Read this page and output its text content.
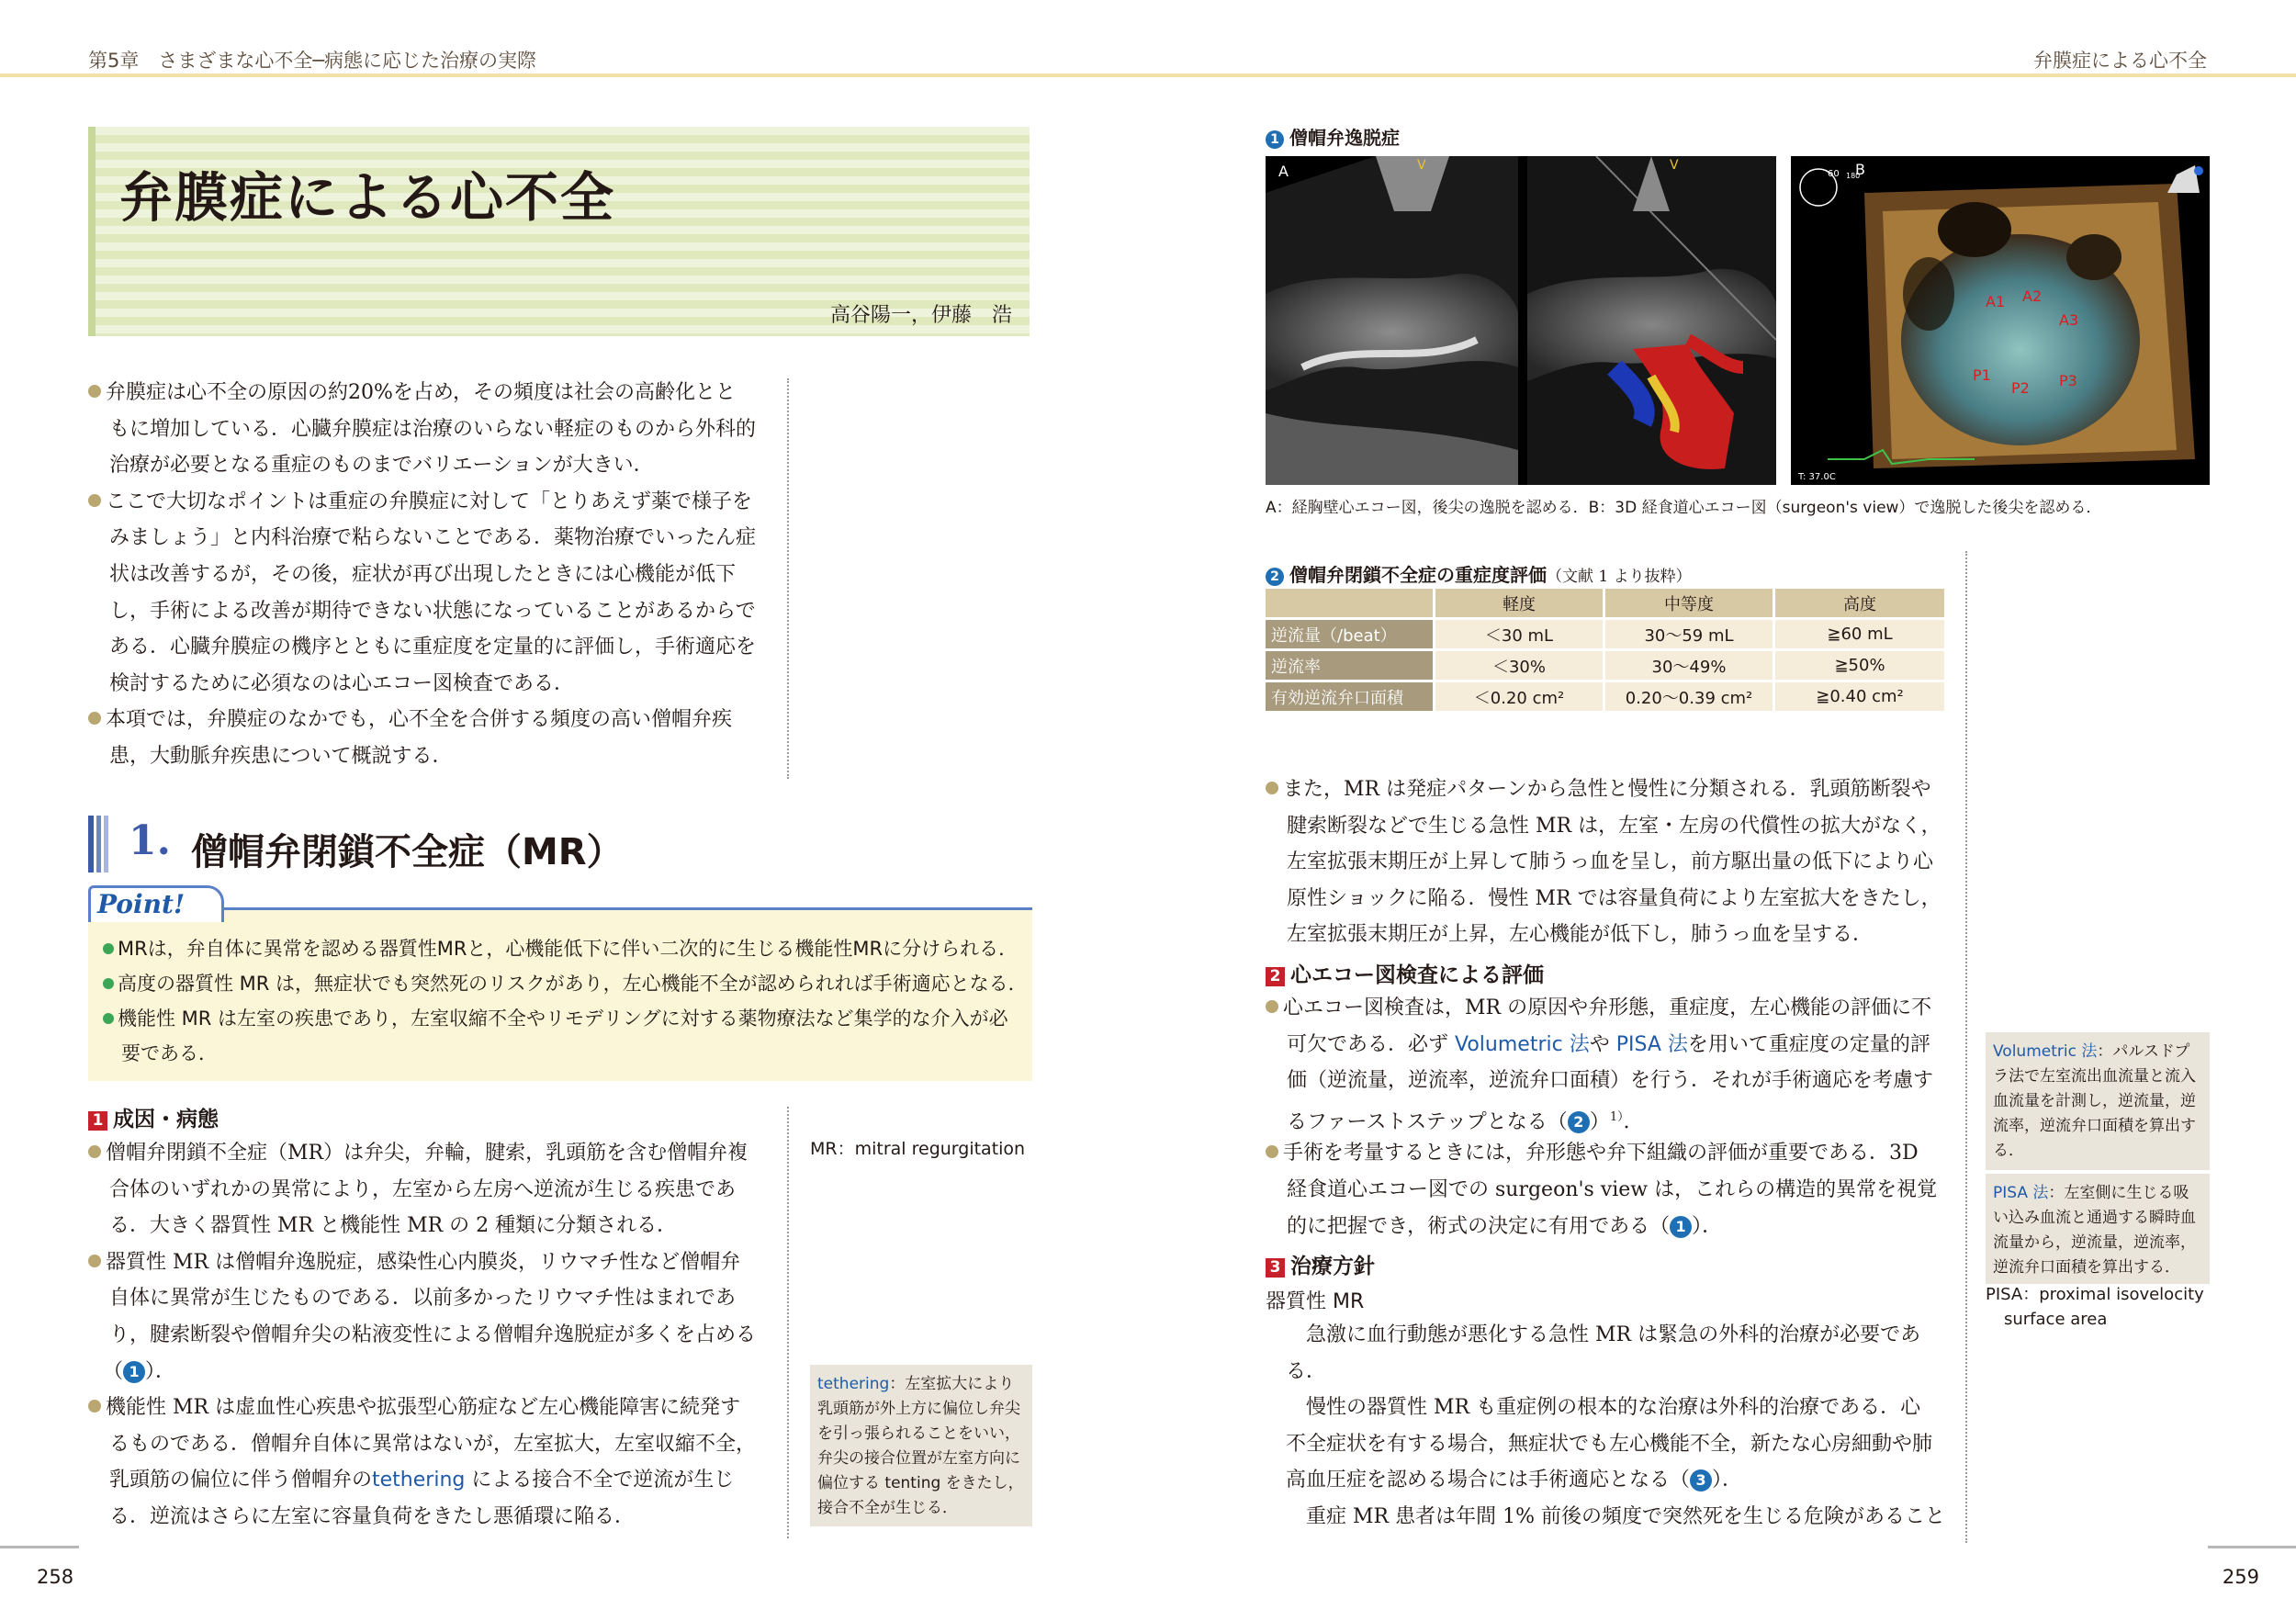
第5章　さまざまな心不全─病態に応じた治療の実際	弁膜症による心不全
弁膜症による心不全
高谷陽一，伊藤　浩
弁膜症は心不全の原因の約20%を占め，その頻度は社会の高齢化とと
もに増加している．心臓弁膜症は治療のいらない軽症のものから外科的
治療が必要となる重症のものまでバリエーションが大きい．
ここで大切なポイントは重症の弁膜症に対して「とりあえず薬で様子を
みましょう」と内科治療で粘らないことである．薬物治療でいったん症
状は改善するが，その後，症状が再び出現したときには心機能が低下
し，手術による改善が期待できない状態になっていることがあるからで
ある．心臓弁膜症の機序とともに重症度を定量的に評価し，手術適応を
検討するために必須なのは心エコー図検査である．
本項では，弁膜症のなかでも，心不全を合併する頻度の高い僧帽弁疾
患，大動脈弁疾患について概説する．
1. 僧帽弁閉鎖不全症（MR）
Point!
MRは，弁自体に異常を認める器質性MRと，心機能低下に伴い二次的に生じる機能性MRに分けられる．
高度の器質性 MR は，無症状でも突然死のリスクがあり，左心機能不全が認められれば手術適応となる．
機能性 MR は左室の疾患であり，左室収縮不全やリモデリングに対する薬物療法など集学的な介入が必
要である．
1 成因・病態
僧帽弁閉鎖不全症（MR）は弁尖，弁輪，腱索，乳頭筋を含む僧帽弁複
合体のいずれかの異常により，左室から左房へ逆流が生じる疾患であ
る．大きく器質性 MR と機能性 MR の 2 種類に分類される．
器質性 MR は僧帽弁逸脱症，感染性心内膜炎，リウマチ性など僧帽弁
自体に異常が生じたものである．以前多かったリウマチ性はまれであ
り，腱索断裂や僧帽弁尖の粘液変性による僧帽弁逸脱症が多くを占める
（ 1 ）．
機能性 MR は虚血性心疾患や拡張型心筋症など左心機能障害に続発す
るものである．僧帽弁自体に異常はないが，左室拡大，左室収縮不全，
乳頭筋の偏位に伴う僧帽弁のtethering による接合不全で逆流が生じ
る．逆流はさらに左室に容量負荷をきたし悪循環に陥る．
MR：mitral regurgitation
tethering：左室拡大により
乳頭筋が外上方に偏位し弁尖
を引っ張られることをいい，
弁尖の接合位置が左室方向に
偏位する tenting をきたし，
接合不全が生じる．
1 僧帽弁逸脱症
A	V	V
60 180
B
T: 37.0C
A1 A2
A3
P1
P2 P3
A：経胸壁心エコー図，後尖の逸脱を認める．B：3D 経食道心エコー図（surgeon's view）で逸脱した後尖を認める．
2 僧帽弁閉鎖不全症の重症度評価（文献 1 より抜粋）
	軽度	中等度	高度
逆流量（/beat）	＜30 mL	30〜59 mL	≧60 mL
逆流率	＜30%	30〜49%	≧50%
有効逆流弁口面積	＜0.20 cm²	0.20〜0.39 cm²	≧0.40 cm²
また，MR は発症パターンから急性と慢性に分類される．乳頭筋断裂や
腱索断裂などで生じる急性 MR は，左室・左房の代償性の拡大がなく，
左室拡張末期圧が上昇して肺うっ血を呈し，前方駆出量の低下により心
原性ショックに陥る．慢性 MR では容量負荷により左室拡大をきたし，
左室拡張末期圧が上昇，左心機能が低下し，肺うっ血を呈する．
2 心エコー図検査による評価
心エコー図検査は，MR の原因や弁形態，重症度，左心機能の評価に不
可欠である．必ず Volumetric 法や PISA 法を用いて重症度の定量的評
価（逆流量，逆流率，逆流弁口面積）を行う．それが手術適応を考慮す
るファーストステップとなる（ 2 ）$^{1)}$．
手術を考量するときには，弁形態や弁下組織の評価が重要である．3D
経食道心エコー図での surgeon's view は，これらの構造的異常を視覚
的に把握でき，術式の決定に有用である（ 1 ）．
3 治療方針
器質性 MR
急激に血行動態が悪化する急性 MR は緊急の外科的治療が必要であ
る．
慢性の器質性 MR も重症例の根本的な治療は外科的治療である．心
不全症状を有する場合，無症状でも左心機能不全，新たな心房細動や肺
高血圧症を認める場合には手術適応となる（ 3 ）．
重症 MR 患者は年間 1% 前後の頻度で突然死を生じる危険があること
Volumetric 法：パルスドプ
ラ法で左室流出血流量と流入
血流量を計測し，逆流量，逆
流率，逆流弁口面積を算出す
る．
PISA 法：左室側に生じる吸
い込み血流と通過する瞬時血
流量から，逆流量，逆流率，
逆流弁口面積を算出する．
PISA：proximal isovelocity
surface area
258	259
